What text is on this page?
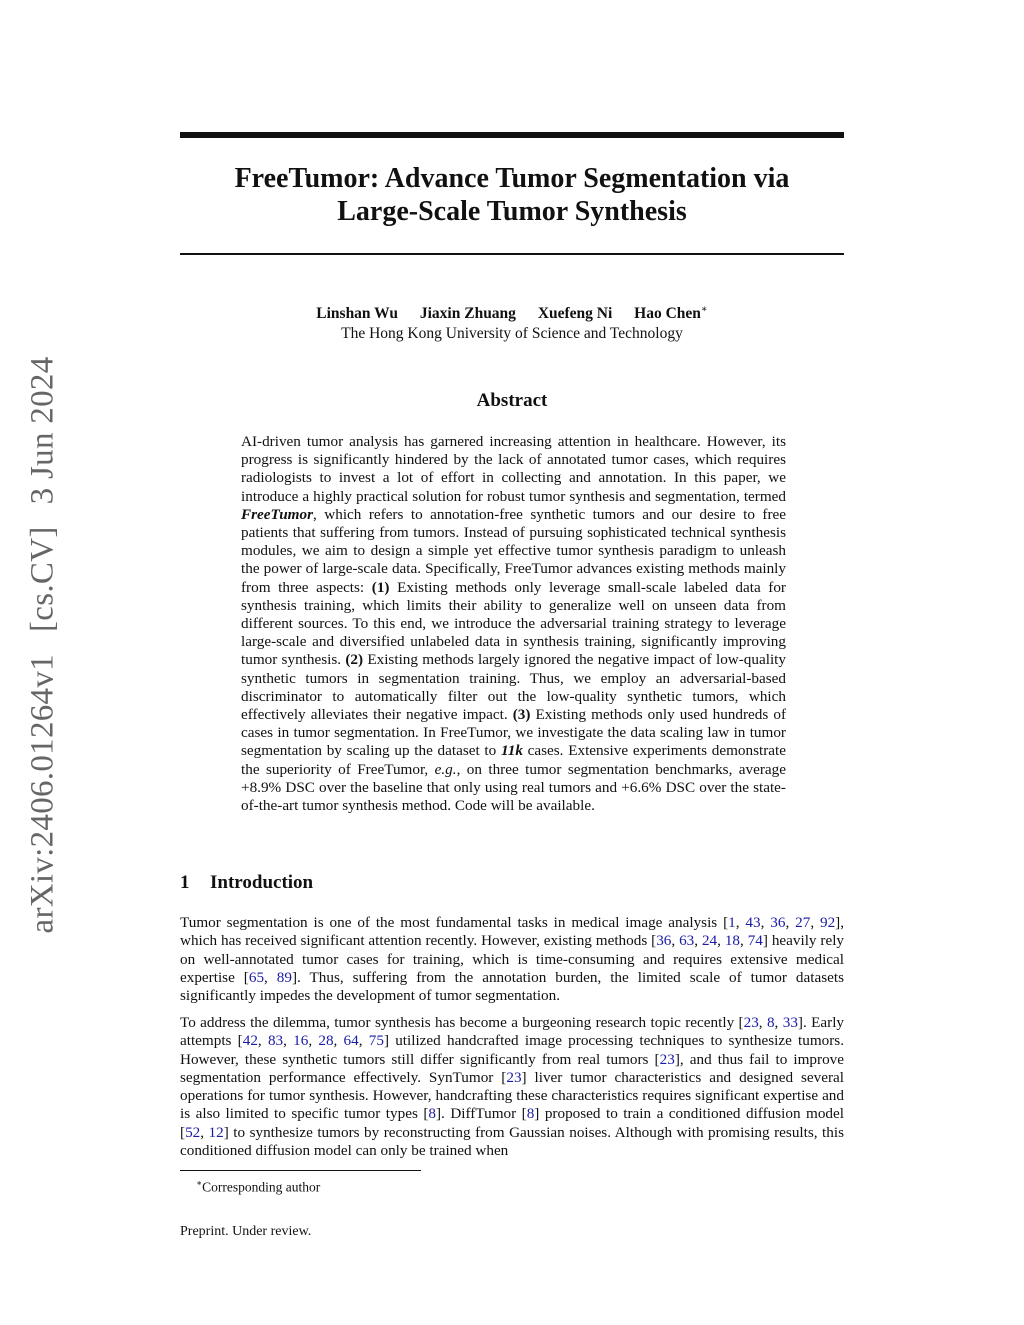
FreeTumor: Advance Tumor Segmentation via
Large-Scale Tumor Synthesis
Linshan Wu Jiaxin Zhuang Xuefeng Ni Hao Chen∗
The Hong Kong University of Science and Technology
Abstract
AI-driven tumor analysis has garnered increasing attention in healthcare. However, its progress is significantly hindered by the lack of annotated tumor cases, which requires radiologists to invest a lot of effort in collecting and annotation. In this paper, we introduce a highly practical solution for robust tumor synthesis and segmentation, termed FreeTumor, which refers to annotation-free synthetic tumors and our desire to free patients that suffering from tumors. Instead of pursuing sophisticated technical synthesis modules, we aim to design a simple yet effective tumor synthesis paradigm to unleash the power of large-scale data. Specifically, FreeTumor advances existing methods mainly from three aspects: (1) Existing methods only leverage small-scale labeled data for synthesis training, which limits their ability to generalize well on unseen data from different sources. To this end, we introduce the adversarial training strategy to leverage large-scale and diversified unlabeled data in synthesis training, significantly improving tumor synthesis. (2) Existing methods largely ignored the negative impact of low-quality synthetic tumors in segmentation training. Thus, we employ an adversarial-based discriminator to automatically filter out the low-quality synthetic tumors, which effectively alleviates their negative impact. (3) Existing methods only used hundreds of cases in tumor segmentation. In FreeTumor, we investigate the data scaling law in tumor segmentation by scaling up the dataset to 11k cases. Extensive experiments demonstrate the superiority of FreeTumor, e.g., on three tumor segmentation benchmarks, average +8.9% DSC over the baseline that only using real tumors and +6.6% DSC over the state-of-the-art tumor synthesis method. Code will be available.
1 Introduction
Tumor segmentation is one of the most fundamental tasks in medical image analysis [1, 43, 36, 27, 92], which has received significant attention recently. However, existing methods [36, 63, 24, 18, 74] heavily rely on well-annotated tumor cases for training, which is time-consuming and requires extensive medical expertise [65, 89]. Thus, suffering from the annotation burden, the limited scale of tumor datasets significantly impedes the development of tumor segmentation.
To address the dilemma, tumor synthesis has become a burgeoning research topic recently [23, 8, 33]. Early attempts [42, 83, 16, 28, 64, 75] utilized handcrafted image processing techniques to synthesize tumors. However, these synthetic tumors still differ significantly from real tumors [23], and thus fail to improve segmentation performance effectively. SynTumor [23] liver tumor characteristics and designed several operations for tumor synthesis. However, handcrafting these characteristics requires significant expertise and is also limited to specific tumor types [8]. DiffTumor [8] proposed to train a conditioned diffusion model [52, 12] to synthesize tumors by reconstructing from Gaussian noises. Although with promising results, this conditioned diffusion model can only be trained when
∗Corresponding author
Preprint. Under review.
arXiv:2406.01264v1[cs.CV]3 Jun 2024
